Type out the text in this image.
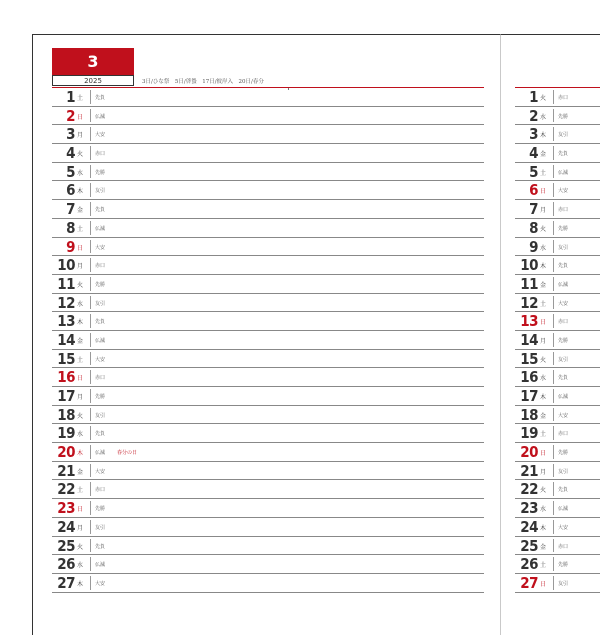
3
2025	3日/ひな祭　5日/啓蟄　17日/彼岸入　20日/春分
1 土 先負
2 日 仏滅
3 月 大安
4 火 赤口
5 水 先勝
6 木 友引
7 金 先負
8 土 仏滅
9 日 大安
10 月 赤口
11 火 先勝
12 水 友引
13 木 先負
14 金 仏滅
15 土 大安
16 日 赤口
17 月 先勝
18 火 友引
19 水 先負
20 木 仏滅 春分の日
21 金 大安
22 土 赤口
23 日 先勝
24 月 友引
25 火 先負
26 水 仏滅
27 木 大安
1 火 赤口
2 水 先勝
3 木 友引
4 金 先負
5 土 仏滅
6 日 大安
7 月 赤口
8 火 先勝
9 水 友引
10 木 先負
11 金 仏滅
12 土 大安
13 日 赤口
14 月 先勝
15 火 友引
16 水 先負
17 木 仏滅
18 金 大安
19 土 赤口
20 日 先勝
21 月 友引
22 火 先負
23 水 仏滅
24 木 大安
25 金 赤口
26 土 先勝
27 日 友引
